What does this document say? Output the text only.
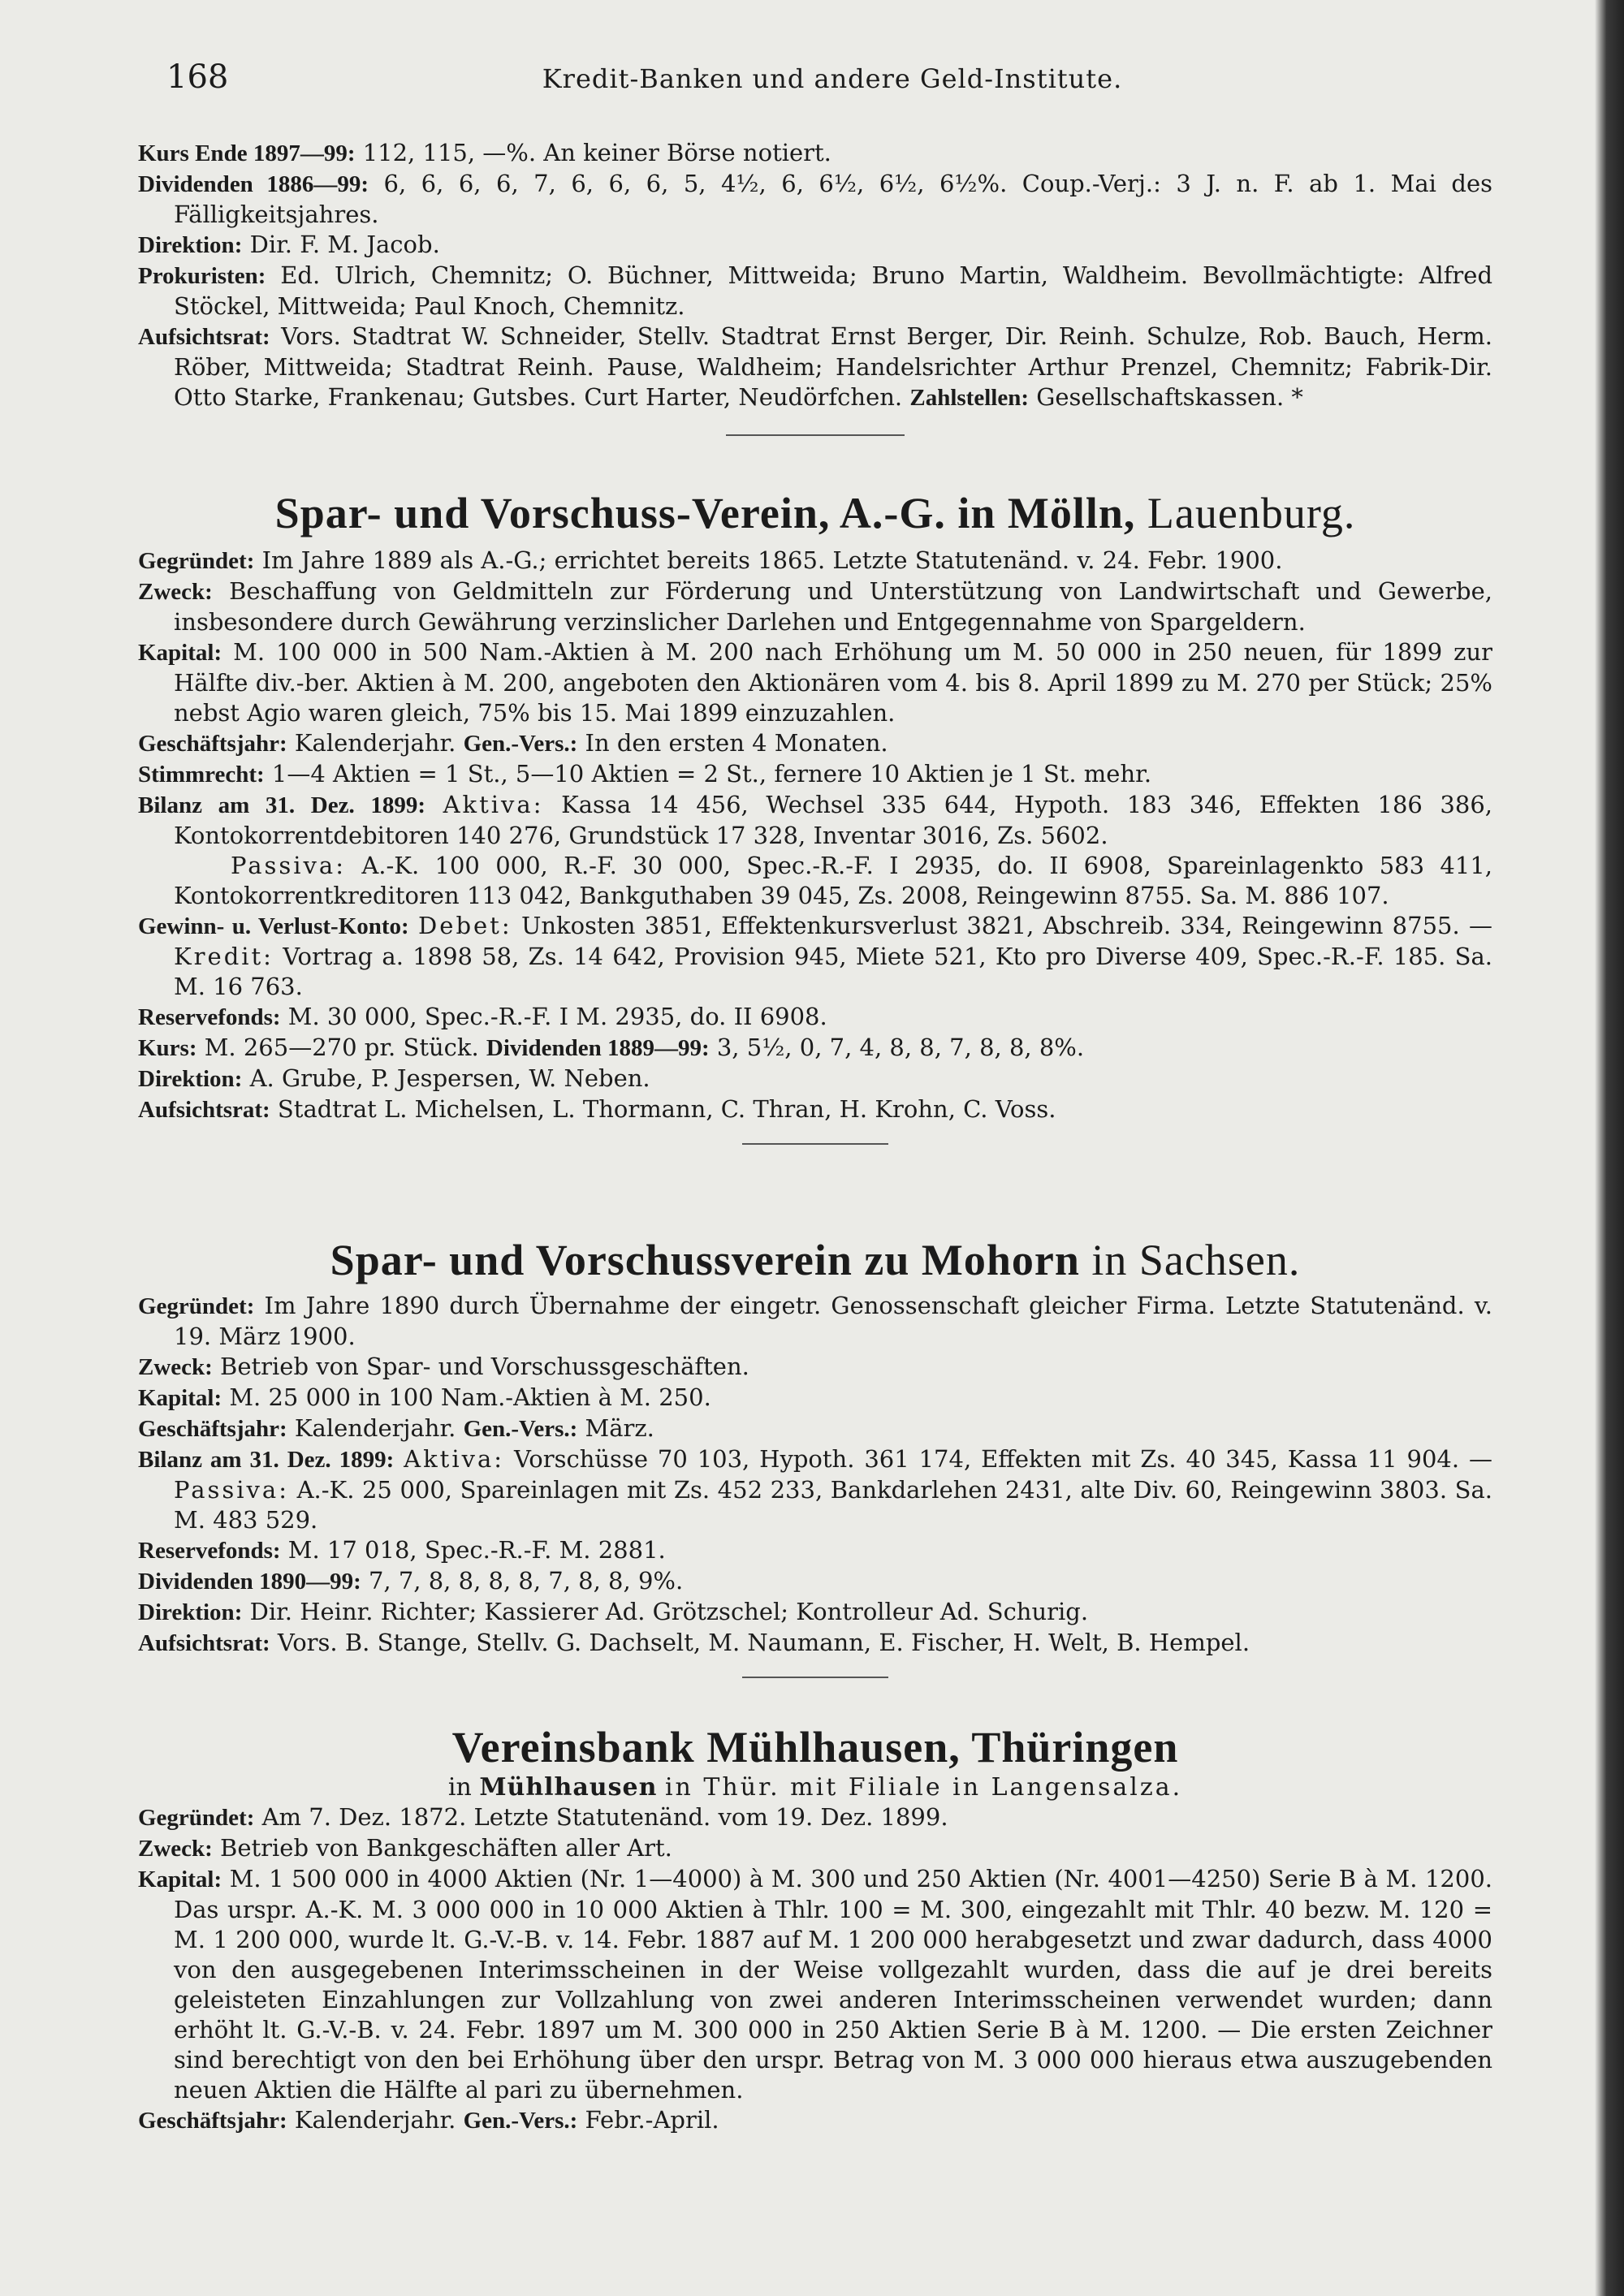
168	Kredit-Banken und andere Geld-Institute.

Kurs Ende 1897—99: 112, 115, —%. An keiner Börse notiert.

Dividenden 1886—99: 6, 6, 6, 6, 7, 6, 6, 6, 5, 4½, 6, 6½, 6½, 6½%. Coup.-Verj.: 3 J. n. F. ab 1. Mai des Fälligkeitsjahres.

Direktion: Dir. F. M. Jacob.

Prokuristen: Ed. Ulrich, Chemnitz; O. Büchner, Mittweida; Bruno Martin, Waldheim. Bevollmächtigte: Alfred Stöckel, Mittweida; Paul Knoch, Chemnitz.

Aufsichtsrat: Vors. Stadtrat W. Schneider, Stellv. Stadtrat Ernst Berger, Dir. Reinh. Schulze, Rob. Bauch, Herm. Röber, Mittweida; Stadtrat Reinh. Pause, Waldheim; Handelsrichter Arthur Prenzel, Chemnitz; Fabrik-Dir. Otto Starke, Frankenau; Gutsbes. Curt Harter, Neudörfchen. Zahlstellen: Gesellschaftskassen. *

Spar- und Vorschuss-Verein, A.-G. in Mölln, Lauenburg.

Gegründet: Im Jahre 1889 als A.-G.; errichtet bereits 1865. Letzte Statutenänd. v. 24. Febr. 1900.

Zweck: Beschaffung von Geldmitteln zur Förderung und Unterstützung von Landwirtschaft und Gewerbe, insbesondere durch Gewährung verzinslicher Darlehen und Entgegennahme von Spargeldern.

Kapital: M. 100 000 in 500 Nam.-Aktien à M. 200 nach Erhöhung um M. 50 000 in 250 neuen, für 1899 zur Hälfte div.-ber. Aktien à M. 200, angeboten den Aktionären vom 4. bis 8. April 1899 zu M. 270 per Stück; 25% nebst Agio waren gleich, 75% bis 15. Mai 1899 einzuzahlen.

Geschäftsjahr: Kalenderjahr. Gen.-Vers.: In den ersten 4 Monaten.

Stimmrecht: 1—4 Aktien = 1 St., 5—10 Aktien = 2 St., fernere 10 Aktien je 1 St. mehr.

Bilanz am 31. Dez. 1899: Aktiva: Kassa 14 456, Wechsel 335 644, Hypoth. 183 346, Effekten 186 386, Kontokorrentdebitoren 140 276, Grundstück 17 328, Inventar 3016, Zs. 5602.

Passiva: A.-K. 100 000, R.-F. 30 000, Spec.-R.-F. I 2935, do. II 6908, Spareinlagenkto 583 411, Kontokorrentkreditoren 113 042, Bankguthaben 39 045, Zs. 2008, Reingewinn 8755. Sa. M. 886 107.

Gewinn- u. Verlust-Konto: Debet: Unkosten 3851, Effektenkursverlust 3821, Abschreib. 334, Reingewinn 8755. — Kredit: Vortrag a. 1898 58, Zs. 14 642, Provision 945, Miete 521, Kto pro Diverse 409, Spec.-R.-F. 185. Sa. M. 16 763.

Reservefonds: M. 30 000, Spec.-R.-F. I M. 2935, do. II 6908.

Kurs: M. 265—270 pr. Stück. Dividenden 1889—99: 3, 5½, 0, 7, 4, 8, 8, 7, 8, 8, 8%.

Direktion: A. Grube, P. Jespersen, W. Neben.

Aufsichtsrat: Stadtrat L. Michelsen, L. Thormann, C. Thran, H. Krohn, C. Voss.

Spar- und Vorschussverein zu Mohorn in Sachsen.

Gegründet: Im Jahre 1890 durch Übernahme der eingetr. Genossenschaft gleicher Firma. Letzte Statutenänd. v. 19. März 1900.

Zweck: Betrieb von Spar- und Vorschussgeschäften.

Kapital: M. 25 000 in 100 Nam.-Aktien à M. 250.

Geschäftsjahr: Kalenderjahr. Gen.-Vers.: März.

Bilanz am 31. Dez. 1899: Aktiva: Vorschüsse 70 103, Hypoth. 361 174, Effekten mit Zs. 40 345, Kassa 11 904. — Passiva: A.-K. 25 000, Spareinlagen mit Zs. 452 233, Bankdarlehen 2431, alte Div. 60, Reingewinn 3803. Sa. M. 483 529.

Reservefonds: M. 17 018, Spec.-R.-F. M. 2881.

Dividenden 1890—99: 7, 7, 8, 8, 8, 8, 7, 8, 8, 9%.

Direktion: Dir. Heinr. Richter; Kassierer Ad. Grötzschel; Kontrolleur Ad. Schurig.

Aufsichtsrat: Vors. B. Stange, Stellv. G. Dachselt, M. Naumann, E. Fischer, H. Welt, B. Hempel.

Vereinsbank Mühlhausen, Thüringen
in Mühlhausen in Thür. mit Filiale in Langensalza.

Gegründet: Am 7. Dez. 1872. Letzte Statutenänd. vom 19. Dez. 1899.

Zweck: Betrieb von Bankgeschäften aller Art.

Kapital: M. 1 500 000 in 4000 Aktien (Nr. 1—4000) à M. 300 und 250 Aktien (Nr. 4001—4250) Serie B à M. 1200. Das urspr. A.-K. M. 3 000 000 in 10 000 Aktien à Thlr. 100 = M. 300, eingezahlt mit Thlr. 40 bezw. M. 120 = M. 1 200 000, wurde lt. G.-V.-B. v. 14. Febr. 1887 auf M. 1 200 000 herabgesetzt und zwar dadurch, dass 4000 von den ausgegebenen Interimsscheinen in der Weise vollgezahlt wurden, dass die auf je drei bereits geleisteten Einzahlungen zur Vollzahlung von zwei anderen Interimsscheinen verwendet wurden; dann erhöht lt. G.-V.-B. v. 24. Febr. 1897 um M. 300 000 in 250 Aktien Serie B à M. 1200. — Die ersten Zeichner sind berechtigt von den bei Erhöhung über den urspr. Betrag von M. 3 000 000 hieraus etwa auszugebenden neuen Aktien die Hälfte al pari zu übernehmen.

Geschäftsjahr: Kalenderjahr. Gen.-Vers.: Febr.-April.
